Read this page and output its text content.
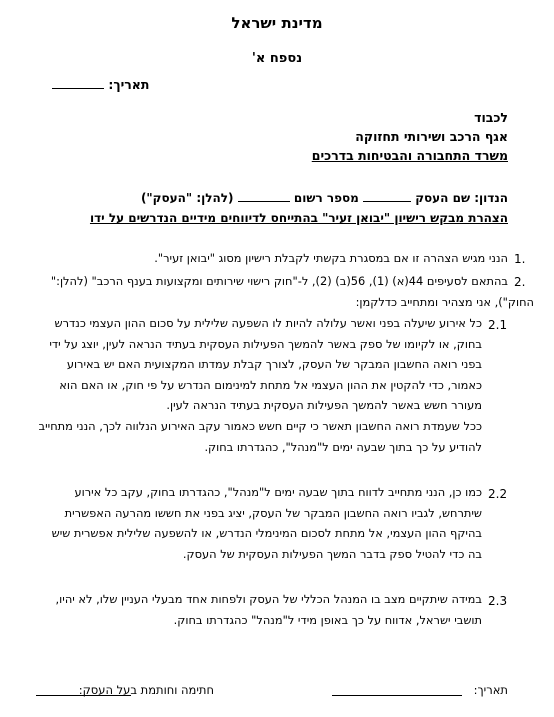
מדינת ישראל
נספח א'
תאריך:
לכבוד
אגף הרכב ושירותי תחזוקה
משרד התחבורה והבטיחות בדרכים
הנדון: שם העסק  מספר רשום  (להלן: "העסק")
הצהרת מבקש רישיון "יבואן זעיר" בהתייחס לדיווחים מידיים הנדרשים על ידו
1.
הנני מגיש הצהרה זו אם במסגרת בקשתי לקבלת רישיון מסוג "יבואן זעיר".
2.
בהתאם לסעיפים 44(א) (1), 56(ב) (2), ל-"חוק רישוי שירותים ומקצועות בענף הרכב" (להלן:"
החוק"), אני מצהיר ומתחייב כדלקמן:
2.1
כל אירוע שיעלה בפני ואשר עלולה להיות לו השפעה שלילית על סכום ההון העצמי כנדרש בחוק, או לקיומו של ספק באשר להמשך הפעילות העסקית בעתיד הנראה לעין, יוצג על ידי בפני רואה החשבון המבקר של העסק, לצורך קבלת עמדתו המקצועית האם יש באירוע כאמור, כדי להקטין את ההון העצמי אל מתחת למינימום הנדרש על פי חוק, או האם הוא מעורר חשש באשר להמשך הפעילות העסקית בעתיד הנראה לעין.
ככל שעמדת רואה החשבון תאשר כי קיים חשש כאמור עקב האירוע הנלווה לכך, הנני מתחייב להודיע על כך בתוך שבעה ימים ל"מנהל", כהגדרתו בחוק.
2.2
כמו כן, הנני מתחייב לדווח בתוך שבעה ימים ל"מנהל", כהגדרתו בחוק, עקב כל אירוע שיתרחש, לגביו רואה החשבון המבקר של העסק, יציג בפני את חששו מהרעה האפשרית בהיקף ההון העצמי, אל מתחת לסכום המינימלי הנדרש, או להשפעה שלילית אפשרית שיש בה כדי להטיל ספק בדבר המשך הפעילות העסקית של העסק.
2.3
במידה שיתקיים מצב בו המנהל הכללי של העסק ולפחות אחד מבעלי העניין שלו, לא יהיו,
תושבי ישראל, אדווח על כך באופן מידי ל"מנהל" כהגדרתו בחוק.
תאריך:
חתימה וחותמת בעל העסק:
